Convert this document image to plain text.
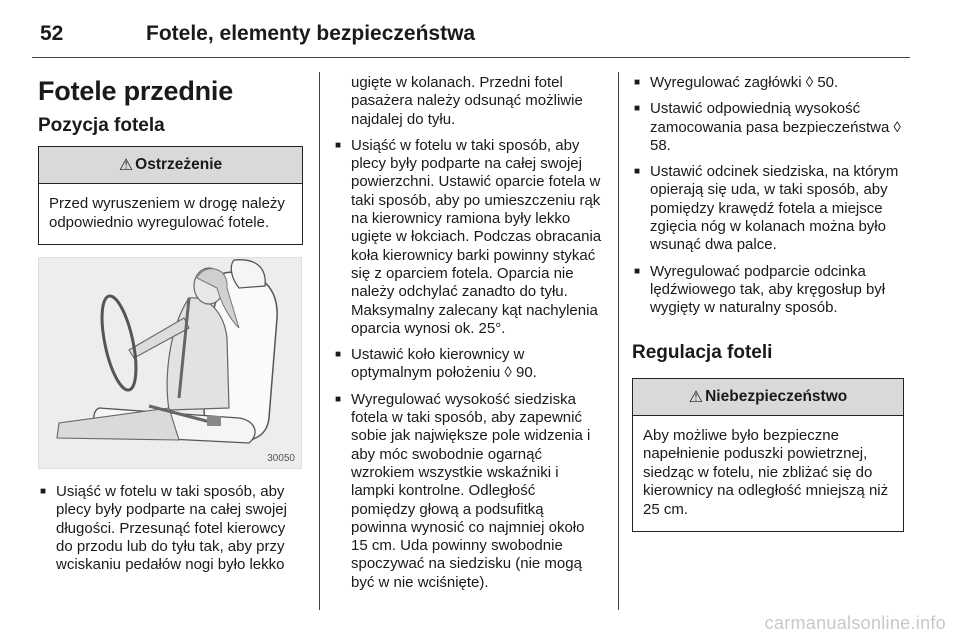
52	Fotele, elementy bezpieczeństwa
Fotele przednie
Pozycja fotela
⚠ Ostrzeżenie
Przed wyruszeniem w drogę należy odpowiednio wyregulować fotele.
30050
■ Usiąść w fotelu w taki sposób, aby plecy były podparte na całej swojej długości. Przesunąć fotel kierowcy do przodu lub do tyłu tak, aby przy wciskaniu pedałów nogi było lekko
ugięte w kolanach. Przedni fotel pasażera należy odsunąć możliwie najdalej do tyłu.
■ Usiąść w fotelu w taki sposób, aby plecy były podparte na całej swojej powierzchni. Ustawić oparcie fotela w taki sposób, aby po umieszczeniu rąk na kierownicy ramiona były lekko ugięte w łokciach. Podczas obracania koła kierownicy barki powinny stykać się z oparciem fotela. Oparcia nie należy odchylać zanadto do tyłu. Maksymalny zalecany kąt nachylenia oparcia wynosi ok. 25°.
■ Ustawić koło kierownicy w optymalnym położeniu ◊ 90.
■ Wyregulować wysokość siedziska fotela w taki sposób, aby zapewnić sobie jak największe pole widzenia i aby móc swobodnie ogarnąć wzrokiem wszystkie wskaźniki i lampki kontrolne. Odległość pomiędzy głową a podsufitką powinna wynosić co najmniej około 15 cm. Uda powinny swobodnie spoczywać na siedzisku (nie mogą być w nie wciśnięte).
■ Wyregulować zagłówki ◊ 50.
■ Ustawić odpowiednią wysokość zamocowania pasa bezpieczeństwa ◊ 58.
■ Ustawić odcinek siedziska, na którym opierają się uda, w taki sposób, aby pomiędzy krawędź fotela a miejsce zgięcia nóg w kolanach można było wsunąć dwa palce.
■ Wyregulować podparcie odcinka lędźwiowego tak, aby kręgosłup był wygięty w naturalny sposób.
Regulacja foteli
⚠ Niebezpieczeństwo
Aby możliwe było bezpieczne napełnienie poduszki powietrznej, siedząc w fotelu, nie zbliżać się do kierownicy na odległość mniejszą niż 25 cm.
carmanualsonline.info
